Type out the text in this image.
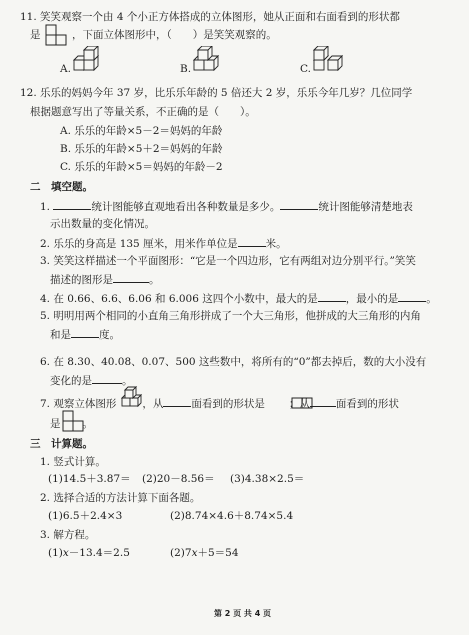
11. 笑笑观察一个由 4 个小正方体搭成的立体图形，她从正面和右面看到的形状都
是	，下面立体图形中，（　　）是笑笑观察的。
A.	B.	C.
12. 乐乐的妈妈今年 37 岁，比乐乐年龄的 5 倍还大 2 岁，乐乐今年几岁？几位同学
根据题意写出了等量关系，不正确的是（　　）。
A. 乐乐的年龄×5－2＝妈妈的年龄
B. 乐乐的年龄×5＋2＝妈妈的年龄
C. 乐乐的年龄×5＝妈妈的年龄－2
二　填空题。
1.	统计图能够直观地看出各种数量是多少。	统计图能够清楚地表
示出数量的变化情况。
2. 乐乐的身高是 135 厘米，用米作单位是	米。
3. 笑笑这样描述一个平面图形：“它是一个四边形，它有两组对边分别平行。”笑笑
描述的图形是	。
4. 在 0.66、6.6、6.06 和 6.006 这四个小数中，最大的是	，最小的是	。
5. 明明用两个相同的小直角三角形拼成了一个大三角形，他拼成的大三角形的内角
和是	度。
6. 在 8.30、40.08、0.07、500 这些数中，将所有的“0”都去掉后，数的大小没有
变化的是	。
7. 观察立体图形 ，从	面看到的形状是 ；从 面看到的形状
是 。
三　计算题。
1. 竖式计算。
(1)14.5＋3.87＝ (2)20－8.56＝ (3)4.38×2.5＝
2. 选择合适的方法计算下面各题。
(1)6.5＋2.4×3	(2)8.74×4.6＋8.74×5.4
3. 解方程。
(1)x－13.4＝2.5	(2)7x＋5＝54
第 2 页 共 4 页
